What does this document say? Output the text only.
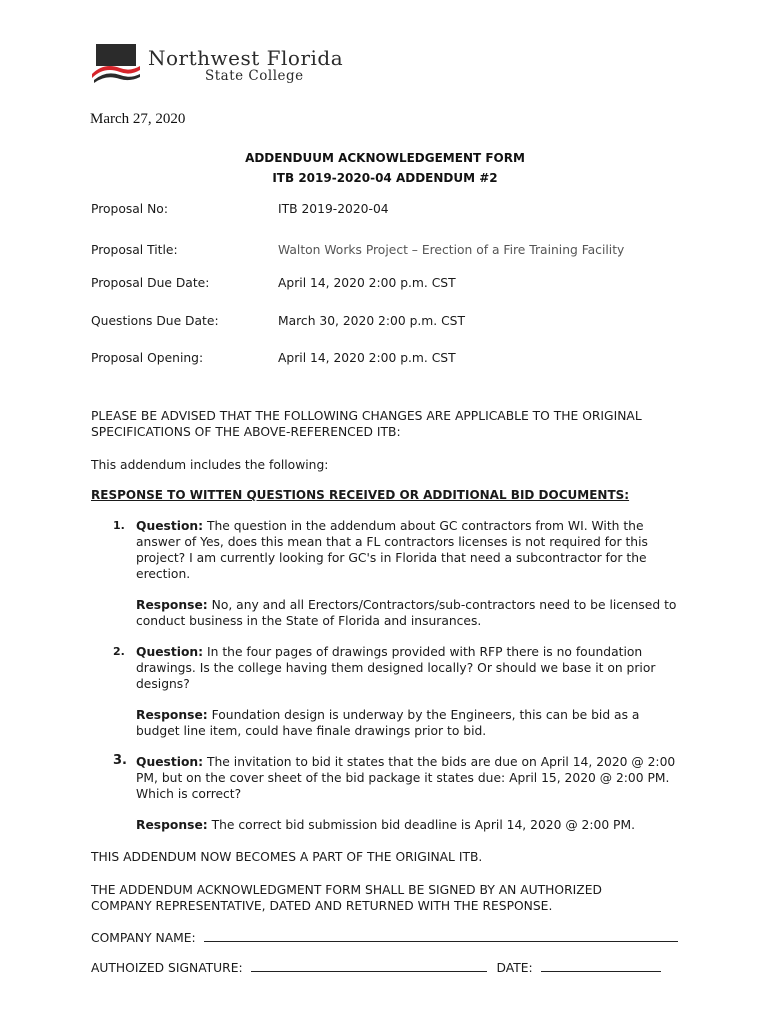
Northwest Florida
State College
March 27, 2020
ADDENDUUM ACKNOWLEDGEMENT FORM
ITB 2019-2020-04 ADDENDUM #2
Proposal No:	ITB 2019-2020-04
Proposal Title:	Walton Works Project – Erection of a Fire Training Facility
Proposal Due Date:	April 14, 2020 2:00 p.m. CST
Questions Due Date:	March 30, 2020 2:00 p.m. CST
Proposal Opening:	April 14, 2020 2:00 p.m. CST
PLEASE BE ADVISED THAT THE FOLLOWING CHANGES ARE APPLICABLE TO THE ORIGINAL SPECIFICATIONS OF THE ABOVE-REFERENCED ITB:
This addendum includes the following:
RESPONSE TO WITTEN QUESTIONS RECEIVED OR ADDITIONAL BID DOCUMENTS:
1. Question: The question in the addendum about GC contractors from WI. With the answer of Yes, does this mean that a FL contractors licenses is not required for this project? I am currently looking for GC's in Florida that need a subcontractor for the erection.
Response: No, any and all Erectors/Contractors/sub-contractors need to be licensed to conduct business in the State of Florida and insurances.
2. Question: In the four pages of drawings provided with RFP there is no foundation drawings. Is the college having them designed locally? Or should we base it on prior designs?
Response: Foundation design is underway by the Engineers, this can be bid as a budget line item, could have finale drawings prior to bid.
3. Question: The invitation to bid it states that the bids are due on April 14, 2020 @ 2:00 PM, but on the cover sheet of the bid package it states due: April 15, 2020 @ 2:00 PM. Which is correct?
Response: The correct bid submission bid deadline is April 14, 2020 @ 2:00 PM.
THIS ADDENDUM NOW BECOMES A PART OF THE ORIGINAL ITB.
THE ADDENDUM ACKNOWLEDGMENT FORM SHALL BE SIGNED BY AN AUTHORIZED COMPANY REPRESENTATIVE, DATED AND RETURNED WITH THE RESPONSE.
COMPANY NAME:
AUTHOIZED SIGNATURE:	DATE:
